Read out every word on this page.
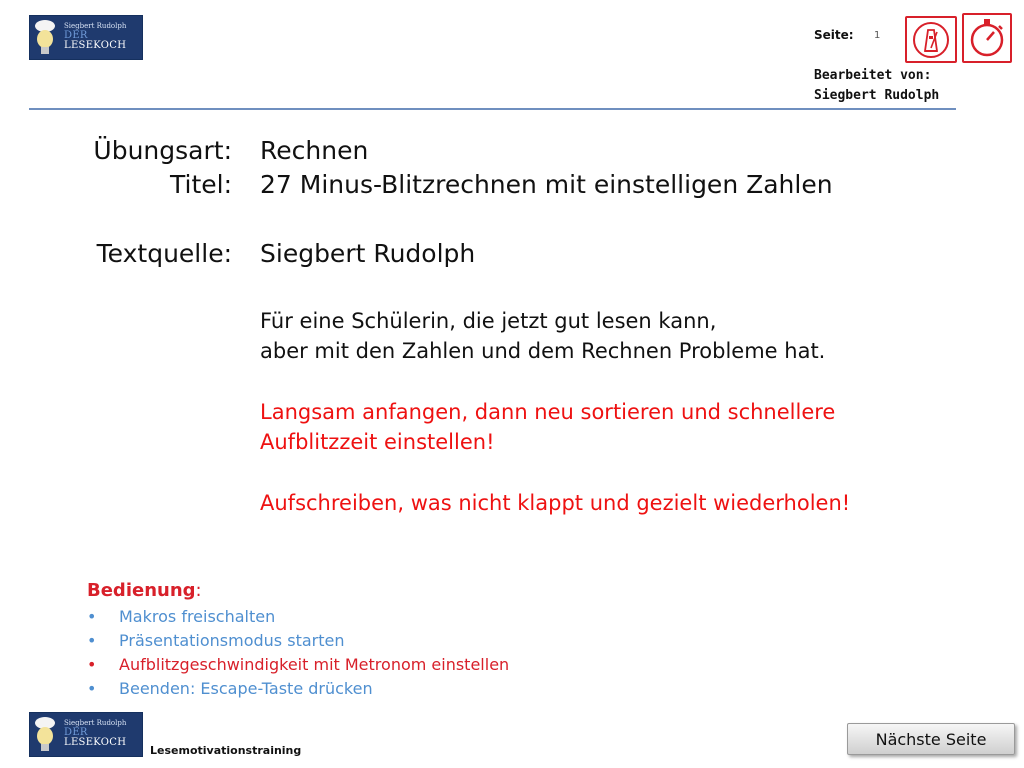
Siegbert Rudolph
DER LESEKOCH
Seite: 1
Bearbeitet von:
Siegbert Rudolph
Übungsart: Rechnen
Titel: 27 Minus-Blitzrechnen mit einstelligen Zahlen
Textquelle: Siegbert Rudolph
Für eine Schülerin, die jetzt gut lesen kann,
aber mit den Zahlen und dem Rechnen Probleme hat.
Langsam anfangen, dann neu sortieren und schnellere
Aufblitzzeit einstellen!
Aufschreiben, was nicht klappt und gezielt wiederholen!
Bedienung:
• Makros freischalten
• Präsentationsmodus starten
• Aufblitzgeschwindigkeit mit Metronom einstellen
• Beenden: Escape-Taste drücken
Siegbert Rudolph
DER LESEKOCH
Lesemotivationstraining
Nächste Seite
